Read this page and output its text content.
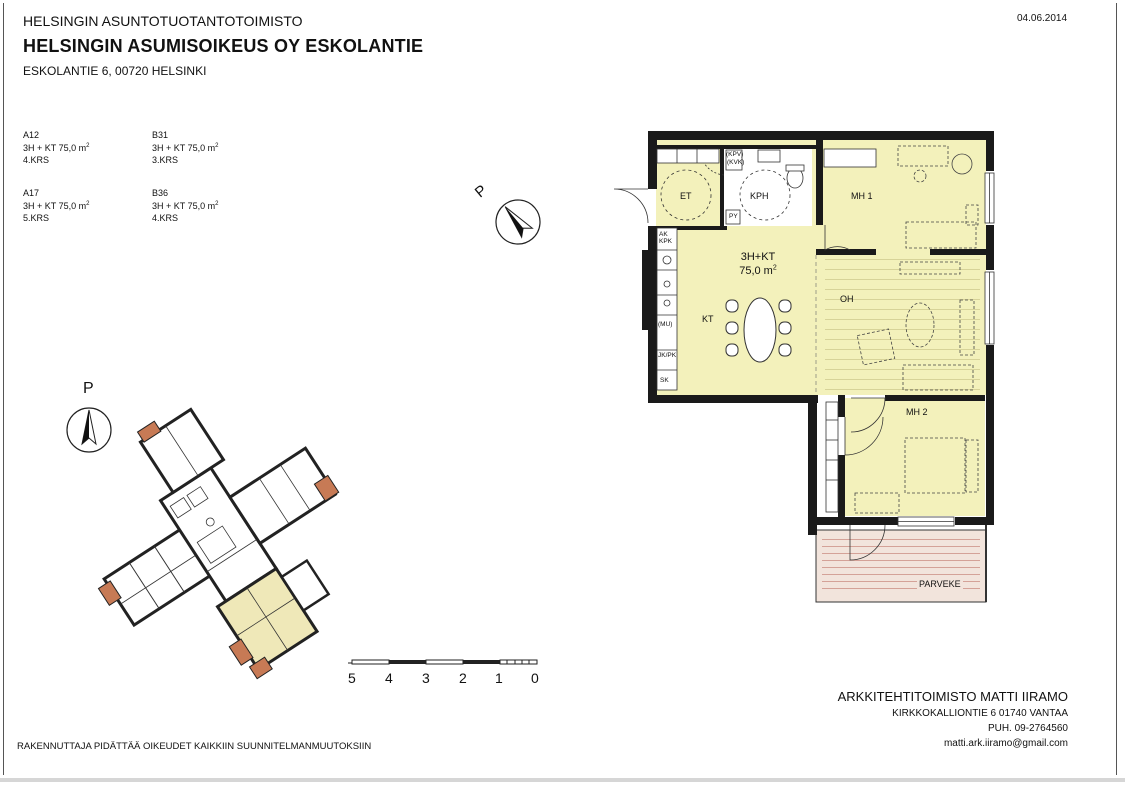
HELSINGIN ASUNTOTUOTANTOTOIMISTO
HELSINGIN ASUMISOIKEUS OY ESKOLANTIE
ESKOLANTIE 6, 00720 HELSINKI
04.06.2014
A12
3H + KT 75,0 $m^2$
4.KRS
B31
3H + KT 75,0 $m^2$
3.KRS
A17
3H + KT 75,0 $m^2$
5.KRS
B36
3H + KT 75,0 $m^2$
4.KRS
3H+KT
75,0 $m^2$
ET	KPH	MH 1
OH
KT
MH 2
PARVEKE
PY
(KPV)
(KVK)
AK
KPK
(MU)
JK/PK
SK
P
P
5 4 3 2 1 0
ARKKITEHTITOIMISTO MATTI IIRAMO
KIRKKOKALLIONTIE 6 01740 VANTAA
PUH. 09-2764560
matti.ark.iiramo@gmail.com
RAKENNUTTAJA PIDÄTTÄÄ OIKEUDET KAIKKIIN SUUNNITELMANMUUTOKSIIN
